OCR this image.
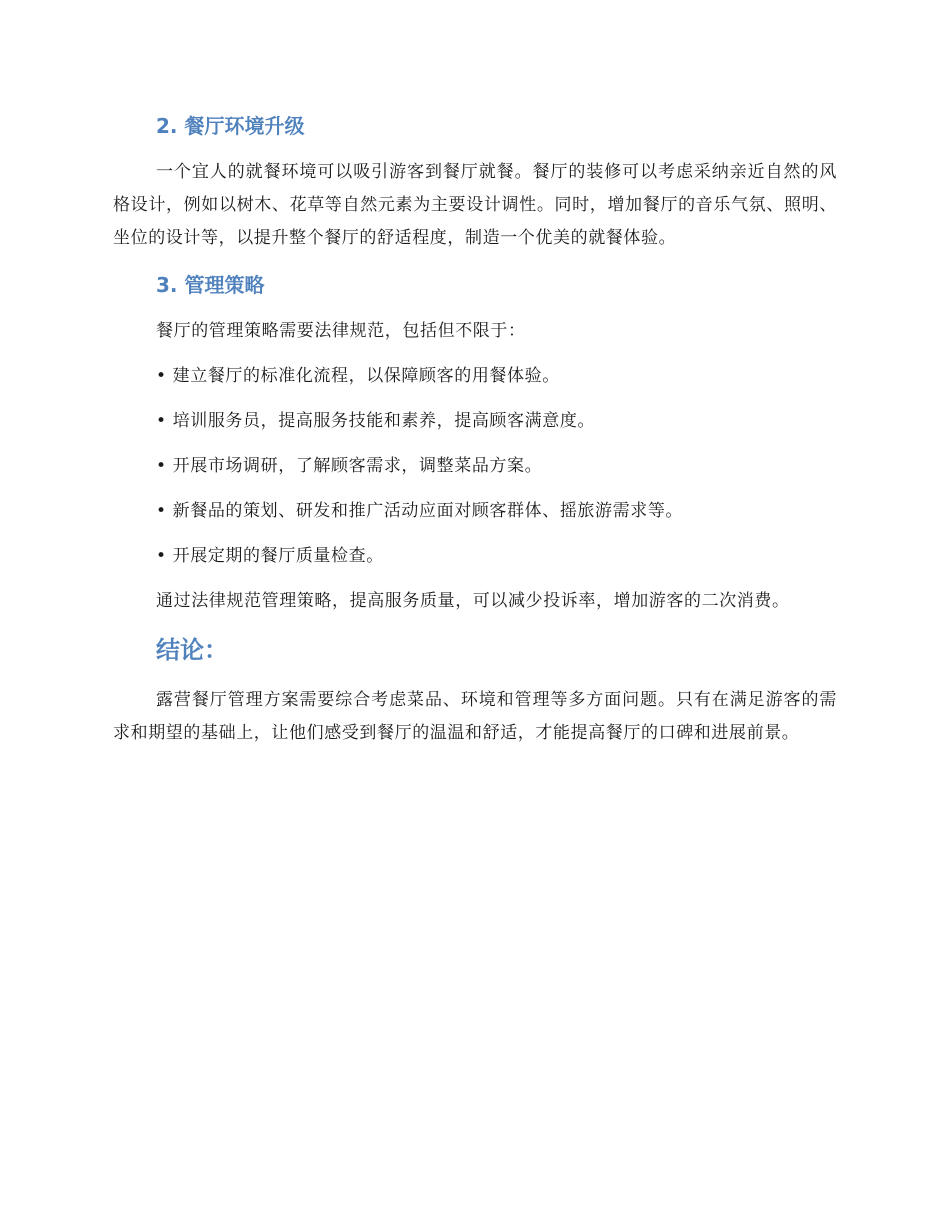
2. 餐厅环境升级

一个宜人的就餐环境可以吸引游客到餐厅就餐。餐厅的装修可以考虑采纳亲近自然的风格设计，例如以树木、花草等自然元素为主要设计调性。同时，增加餐厅的音乐气氛、照明、坐位的设计等，以提升整个餐厅的舒适程度，制造一个优美的就餐体验。

3. 管理策略

餐厅的管理策略需要法律规范，包括但不限于：

• 建立餐厅的标准化流程，以保障顾客的用餐体验。

• 培训服务员，提高服务技能和素养，提高顾客满意度。

• 开展市场调研，了解顾客需求，调整菜品方案。

• 新餐品的策划、研发和推广活动应面对顾客群体、摇旅游需求等。

• 开展定期的餐厅质量检查。

通过法律规范管理策略，提高服务质量，可以减少投诉率，增加游客的二次消费。

结论：

露营餐厅管理方案需要综合考虑菜品、环境和管理等多方面问题。只有在满足游客的需求和期望的基础上，让他们感受到餐厅的温温和舒适，才能提高餐厅的口碑和进展前景。
